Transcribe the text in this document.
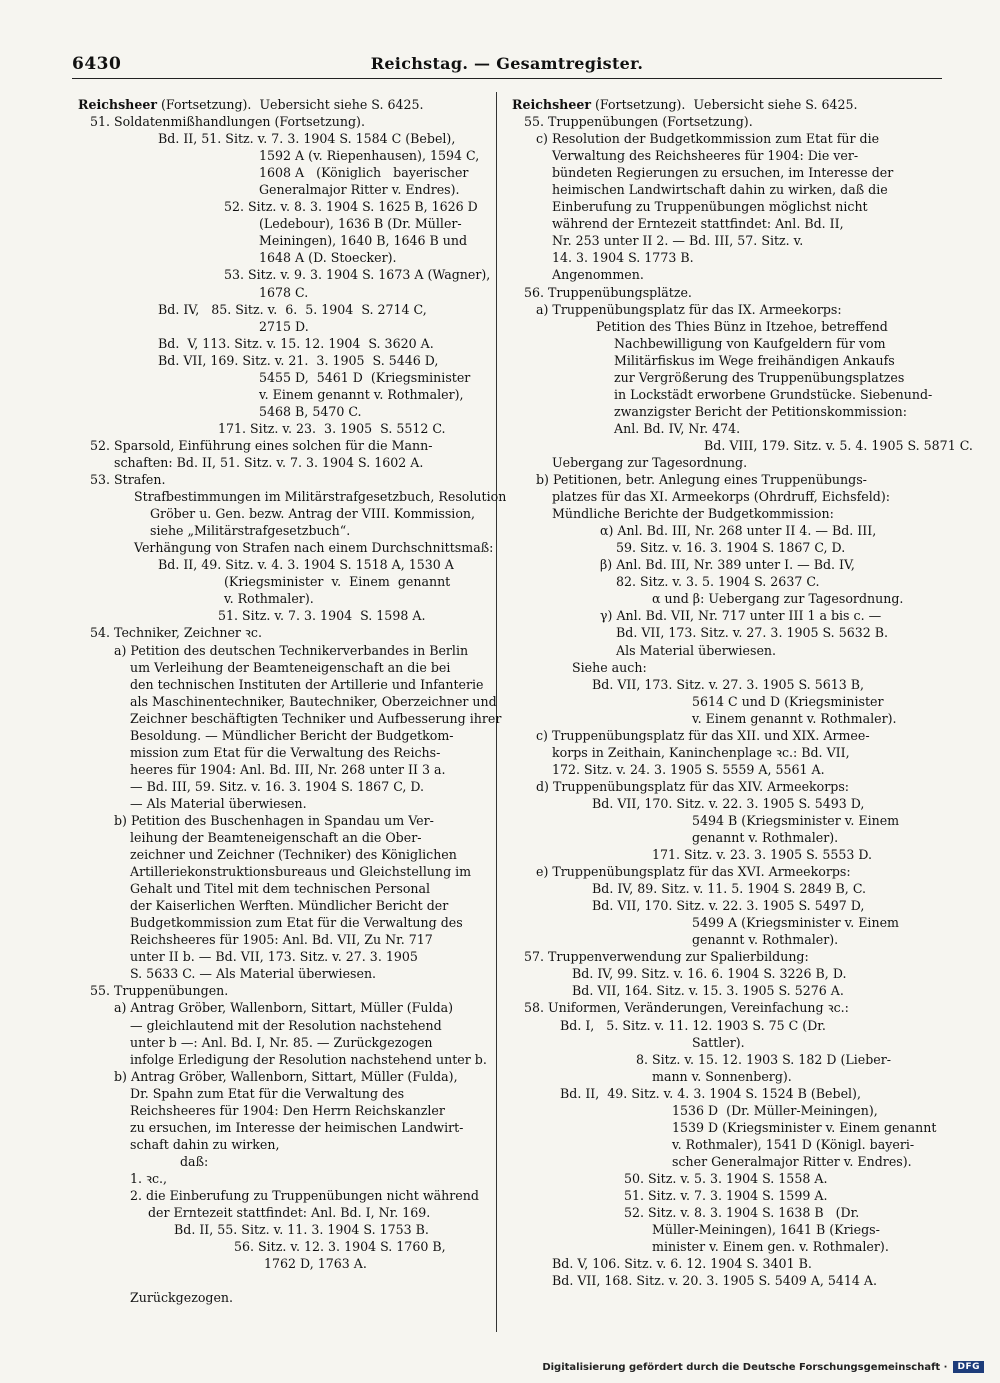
6430	Reichstag. — Gesamtregister.
Reichsheer (Fortsetzung).  Uebersicht siehe S. 6425.
51. Soldatenmißhandlungen (Fortsetzung).
Bd. II, 51. Sitz. v. 7. 3. 1904 S. 1584 C (Bebel),
1592 A (v. Riepenhausen), 1594 C,
1608 A   (Königlich   bayerischer
Generalmajor Ritter v. Endres).
52. Sitz. v. 8. 3. 1904 S. 1625 B, 1626 D
(Ledebour), 1636 B (Dr. Müller-
Meiningen), 1640 B, 1646 B und
1648 A (D. Stoecker).
53. Sitz. v. 9. 3. 1904 S. 1673 A (Wagner),
1678 C.
Bd. IV,   85. Sitz. v.  6.  5. 1904  S. 2714 C,
2715 D.
Bd.  V, 113. Sitz. v. 15. 12. 1904  S. 3620 A.
Bd. VII, 169. Sitz. v. 21.  3. 1905  S. 5446 D,
5455 D,  5461 D  (Kriegsminister
v. Einem genannt v. Rothmaler),
5468 B, 5470 C.
171. Sitz. v. 23.  3. 1905  S. 5512 C.
52. Sparsold, Einführung eines solchen für die Mann-
schaften: Bd. II, 51. Sitz. v. 7. 3. 1904 S. 1602 A.
53. Strafen.
Strafbestimmungen im Militärstrafgesetzbuch, Resolution
Gröber u. Gen. bezw. Antrag der VIII. Kommission,
siehe „Militärstrafgesetzbuch“.
Verhängung von Strafen nach einem Durchschnittsmaß:
Bd. II, 49. Sitz. v. 4. 3. 1904 S. 1518 A, 1530 A
(Kriegsminister  v.  Einem  genannt
v. Rothmaler).
51. Sitz. v. 7. 3. 1904  S. 1598 A.
54. Techniker, Zeichner ꝛc.
a) Petition des deutschen Technikerverbandes in Berlin
um Verleihung der Beamteneigenschaft an die bei
den technischen Instituten der Artillerie und Infanterie
als Maschinentechniker, Bautechniker, Oberzeichner und
Zeichner beschäftigten Techniker und Aufbesserung ihrer
Besoldung. — Mündlicher Bericht der Budgetkom-
mission zum Etat für die Verwaltung des Reichs-
heeres für 1904: Anl. Bd. III, Nr. 268 unter II 3 a.
— Bd. III, 59. Sitz. v. 16. 3. 1904 S. 1867 C, D.
— Als Material überwiesen.
b) Petition des Buschenhagen in Spandau um Ver-
leihung der Beamteneigenschaft an die Ober-
zeichner und Zeichner (Techniker) des Königlichen
Artilleriekonstruktionsbureaus und Gleichstellung im
Gehalt und Titel mit dem technischen Personal
der Kaiserlichen Werften. Mündlicher Bericht der
Budgetkommission zum Etat für die Verwaltung des
Reichsheeres für 1905: Anl. Bd. VII, Zu Nr. 717
unter II b. — Bd. VII, 173. Sitz. v. 27. 3. 1905
S. 5633 C. — Als Material überwiesen.
55. Truppenübungen.
a) Antrag Gröber, Wallenborn, Sittart, Müller (Fulda)
— gleichlautend mit der Resolution nachstehend
unter b —: Anl. Bd. I, Nr. 85. — Zurückgezogen
infolge Erledigung der Resolution nachstehend unter b.
b) Antrag Gröber, Wallenborn, Sittart, Müller (Fulda),
Dr. Spahn zum Etat für die Verwaltung des
Reichsheeres für 1904: Den Herrn Reichskanzler
zu ersuchen, im Interesse der heimischen Landwirt-
schaft dahin zu wirken,
daß:
1. ꝛc.,
2. die Einberufung zu Truppenübungen nicht während
der Erntezeit stattfindet: Anl. Bd. I, Nr. 169.
Bd. II, 55. Sitz. v. 11. 3. 1904 S. 1753 B.
56. Sitz. v. 12. 3. 1904 S. 1760 B,
1762 D, 1763 A.
Zurückgezogen.
Reichsheer (Fortsetzung).  Uebersicht siehe S. 6425.
55. Truppenübungen (Fortsetzung).
c) Resolution der Budgetkommission zum Etat für die
Verwaltung des Reichsheeres für 1904: Die ver-
bündeten Regierungen zu ersuchen, im Interesse der
heimischen Landwirtschaft dahin zu wirken, daß die
Einberufung zu Truppenübungen möglichst nicht
während der Erntezeit stattfindet: Anl. Bd. II,
Nr. 253 unter II 2. — Bd. III, 57. Sitz. v.
14. 3. 1904 S. 1773 B.
Angenommen.
56. Truppenübungsplätze.
a) Truppenübungsplatz für das IX. Armeekorps:
Petition des Thies Bünz in Itzehoe, betreffend
Nachbewilligung von Kaufgeldern für vom
Militärfiskus im Wege freihändigen Ankaufs
zur Vergrößerung des Truppenübungsplatzes
in Lockstädt erworbene Grundstücke. Siebenund-
zwanzigster Bericht der Petitionskommission:
Anl. Bd. IV, Nr. 474.
Bd. VIII, 179. Sitz. v. 5. 4. 1905 S. 5871 C.
Uebergang zur Tagesordnung.
b) Petitionen, betr. Anlegung eines Truppenübungs-
platzes für das XI. Armeekorps (Ohrdruff, Eichsfeld):
Mündliche Berichte der Budgetkommission:
α) Anl. Bd. III, Nr. 268 unter II 4. — Bd. III,
59. Sitz. v. 16. 3. 1904 S. 1867 C, D.
β) Anl. Bd. III, Nr. 389 unter I. — Bd. IV,
82. Sitz. v. 3. 5. 1904 S. 2637 C.
α und β: Uebergang zur Tagesordnung.
γ) Anl. Bd. VII, Nr. 717 unter III 1 a bis c. —
Bd. VII, 173. Sitz. v. 27. 3. 1905 S. 5632 B.
Als Material überwiesen.
Siehe auch:
Bd. VII, 173. Sitz. v. 27. 3. 1905 S. 5613 B,
5614 C und D (Kriegsminister
v. Einem genannt v. Rothmaler).
c) Truppenübungsplatz für das XII. und XIX. Armee-
korps in Zeithain, Kaninchenplage ꝛc.: Bd. VII,
172. Sitz. v. 24. 3. 1905 S. 5559 A, 5561 A.
d) Truppenübungsplatz für das XIV. Armeekorps:
Bd. VII, 170. Sitz. v. 22. 3. 1905 S. 5493 D,
5494 B (Kriegsminister v. Einem
genannt v. Rothmaler).
171. Sitz. v. 23. 3. 1905 S. 5553 D.
e) Truppenübungsplatz für das XVI. Armeekorps:
Bd. IV, 89. Sitz. v. 11. 5. 1904 S. 2849 B, C.
Bd. VII, 170. Sitz. v. 22. 3. 1905 S. 5497 D,
5499 A (Kriegsminister v. Einem
genannt v. Rothmaler).
57. Truppenverwendung zur Spalierbildung:
Bd. IV, 99. Sitz. v. 16. 6. 1904 S. 3226 B, D.
Bd. VII, 164. Sitz. v. 15. 3. 1905 S. 5276 A.
58. Uniformen, Veränderungen, Vereinfachung ꝛc.:
Bd. I,   5. Sitz. v. 11. 12. 1903 S. 75 C (Dr.
Sattler).
8. Sitz. v. 15. 12. 1903 S. 182 D (Lieber-
mann v. Sonnenberg).
Bd. II,  49. Sitz. v. 4. 3. 1904 S. 1524 B (Bebel),
1536 D  (Dr. Müller-Meiningen),
1539 D (Kriegsminister v. Einem genannt
v. Rothmaler), 1541 D (Königl. bayeri-
scher Generalmajor Ritter v. Endres).
50. Sitz. v. 5. 3. 1904 S. 1558 A.
51. Sitz. v. 7. 3. 1904 S. 1599 A.
52. Sitz. v. 8. 3. 1904 S. 1638 B   (Dr.
Müller-Meiningen), 1641 B (Kriegs-
minister v. Einem gen. v. Rothmaler).
Bd. V, 106. Sitz. v. 6. 12. 1904 S. 3401 B.
Bd. VII, 168. Sitz. v. 20. 3. 1905 S. 5409 A, 5414 A.
Digitalisierung gefördert durch die Deutsche Forschungsgemeinschaft ·	DFG
